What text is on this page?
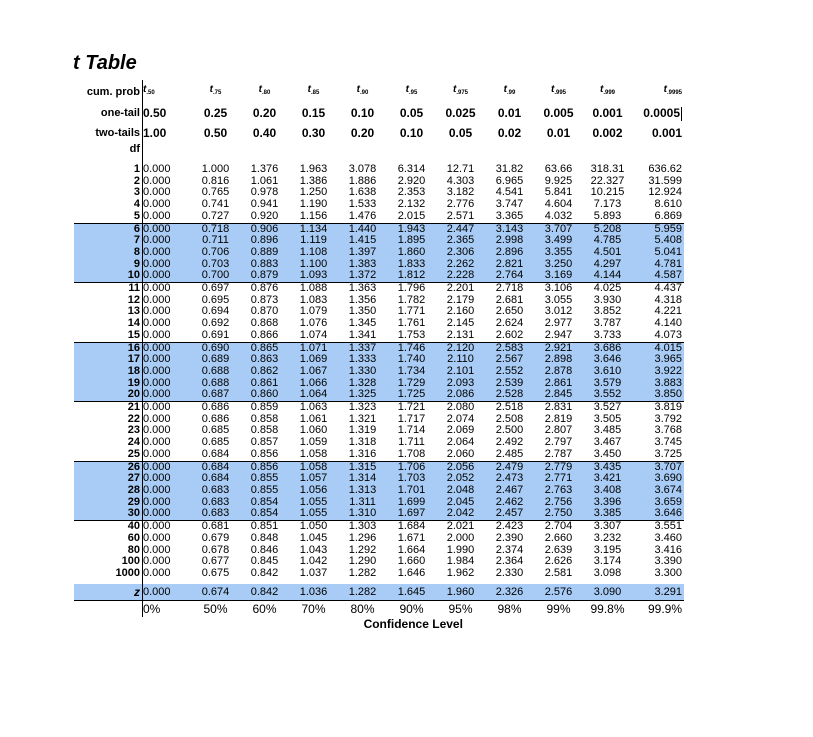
t Table
cum. prob	$t_{.50}$	$t_{.75}$	$t_{.80}$	$t_{.85}$	$t_{.90}$	$t_{.95}$	$t_{.975}$	$t_{.99}$	$t_{.995}$	$t_{.999}$	$t_{.9995}$
one-tail	0.50	0.25	0.20	0.15	0.10	0.05	0.025	0.01	0.005	0.001	0.0005
two-tails	1.00	0.50	0.40	0.30	0.20	0.10	0.05	0.02	0.01	0.002	0.001
df											

1	0.000	1.000	1.376	1.963	3.078	6.314	12.71	31.82	63.66	318.31	636.62
2	0.000	0.816	1.061	1.386	1.886	2.920	4.303	6.965	9.925	22.327	31.599
3	0.000	0.765	0.978	1.250	1.638	2.353	3.182	4.541	5.841	10.215	12.924
4	0.000	0.741	0.941	1.190	1.533	2.132	2.776	3.747	4.604	7.173	8.610
5	0.000	0.727	0.920	1.156	1.476	2.015	2.571	3.365	4.032	5.893	6.869
6	0.000	0.718	0.906	1.134	1.440	1.943	2.447	3.143	3.707	5.208	5.959
7	0.000	0.711	0.896	1.119	1.415	1.895	2.365	2.998	3.499	4.785	5.408
8	0.000	0.706	0.889	1.108	1.397	1.860	2.306	2.896	3.355	4.501	5.041
9	0.000	0.703	0.883	1.100	1.383	1.833	2.262	2.821	3.250	4.297	4.781
10	0.000	0.700	0.879	1.093	1.372	1.812	2.228	2.764	3.169	4.144	4.587
11	0.000	0.697	0.876	1.088	1.363	1.796	2.201	2.718	3.106	4.025	4.437
12	0.000	0.695	0.873	1.083	1.356	1.782	2.179	2.681	3.055	3.930	4.318
13	0.000	0.694	0.870	1.079	1.350	1.771	2.160	2.650	3.012	3.852	4.221
14	0.000	0.692	0.868	1.076	1.345	1.761	2.145	2.624	2.977	3.787	4.140
15	0.000	0.691	0.866	1.074	1.341	1.753	2.131	2.602	2.947	3.733	4.073
16	0.000	0.690	0.865	1.071	1.337	1.746	2.120	2.583	2.921	3.686	4.015
17	0.000	0.689	0.863	1.069	1.333	1.740	2.110	2.567	2.898	3.646	3.965
18	0.000	0.688	0.862	1.067	1.330	1.734	2.101	2.552	2.878	3.610	3.922
19	0.000	0.688	0.861	1.066	1.328	1.729	2.093	2.539	2.861	3.579	3.883
20	0.000	0.687	0.860	1.064	1.325	1.725	2.086	2.528	2.845	3.552	3.850
21	0.000	0.686	0.859	1.063	1.323	1.721	2.080	2.518	2.831	3.527	3.819
22	0.000	0.686	0.858	1.061	1.321	1.717	2.074	2.508	2.819	3.505	3.792
23	0.000	0.685	0.858	1.060	1.319	1.714	2.069	2.500	2.807	3.485	3.768
24	0.000	0.685	0.857	1.059	1.318	1.711	2.064	2.492	2.797	3.467	3.745
25	0.000	0.684	0.856	1.058	1.316	1.708	2.060	2.485	2.787	3.450	3.725
26	0.000	0.684	0.856	1.058	1.315	1.706	2.056	2.479	2.779	3.435	3.707
27	0.000	0.684	0.855	1.057	1.314	1.703	2.052	2.473	2.771	3.421	3.690
28	0.000	0.683	0.855	1.056	1.313	1.701	2.048	2.467	2.763	3.408	3.674
29	0.000	0.683	0.854	1.055	1.311	1.699	2.045	2.462	2.756	3.396	3.659
30	0.000	0.683	0.854	1.055	1.310	1.697	2.042	2.457	2.750	3.385	3.646
40	0.000	0.681	0.851	1.050	1.303	1.684	2.021	2.423	2.704	3.307	3.551
60	0.000	0.679	0.848	1.045	1.296	1.671	2.000	2.390	2.660	3.232	3.460
80	0.000	0.678	0.846	1.043	1.292	1.664	1.990	2.374	2.639	3.195	3.416
100	0.000	0.677	0.845	1.042	1.290	1.660	1.984	2.364	2.626	3.174	3.390
1000	0.000	0.675	0.842	1.037	1.282	1.646	1.962	2.330	2.581	3.098	3.300

z	0.000	0.674	0.842	1.036	1.282	1.645	1.960	2.326	2.576	3.090	3.291
	0%	50%	60%	70%	80%	90%	95%	98%	99%	99.8%	99.9%
	Confidence Level										
